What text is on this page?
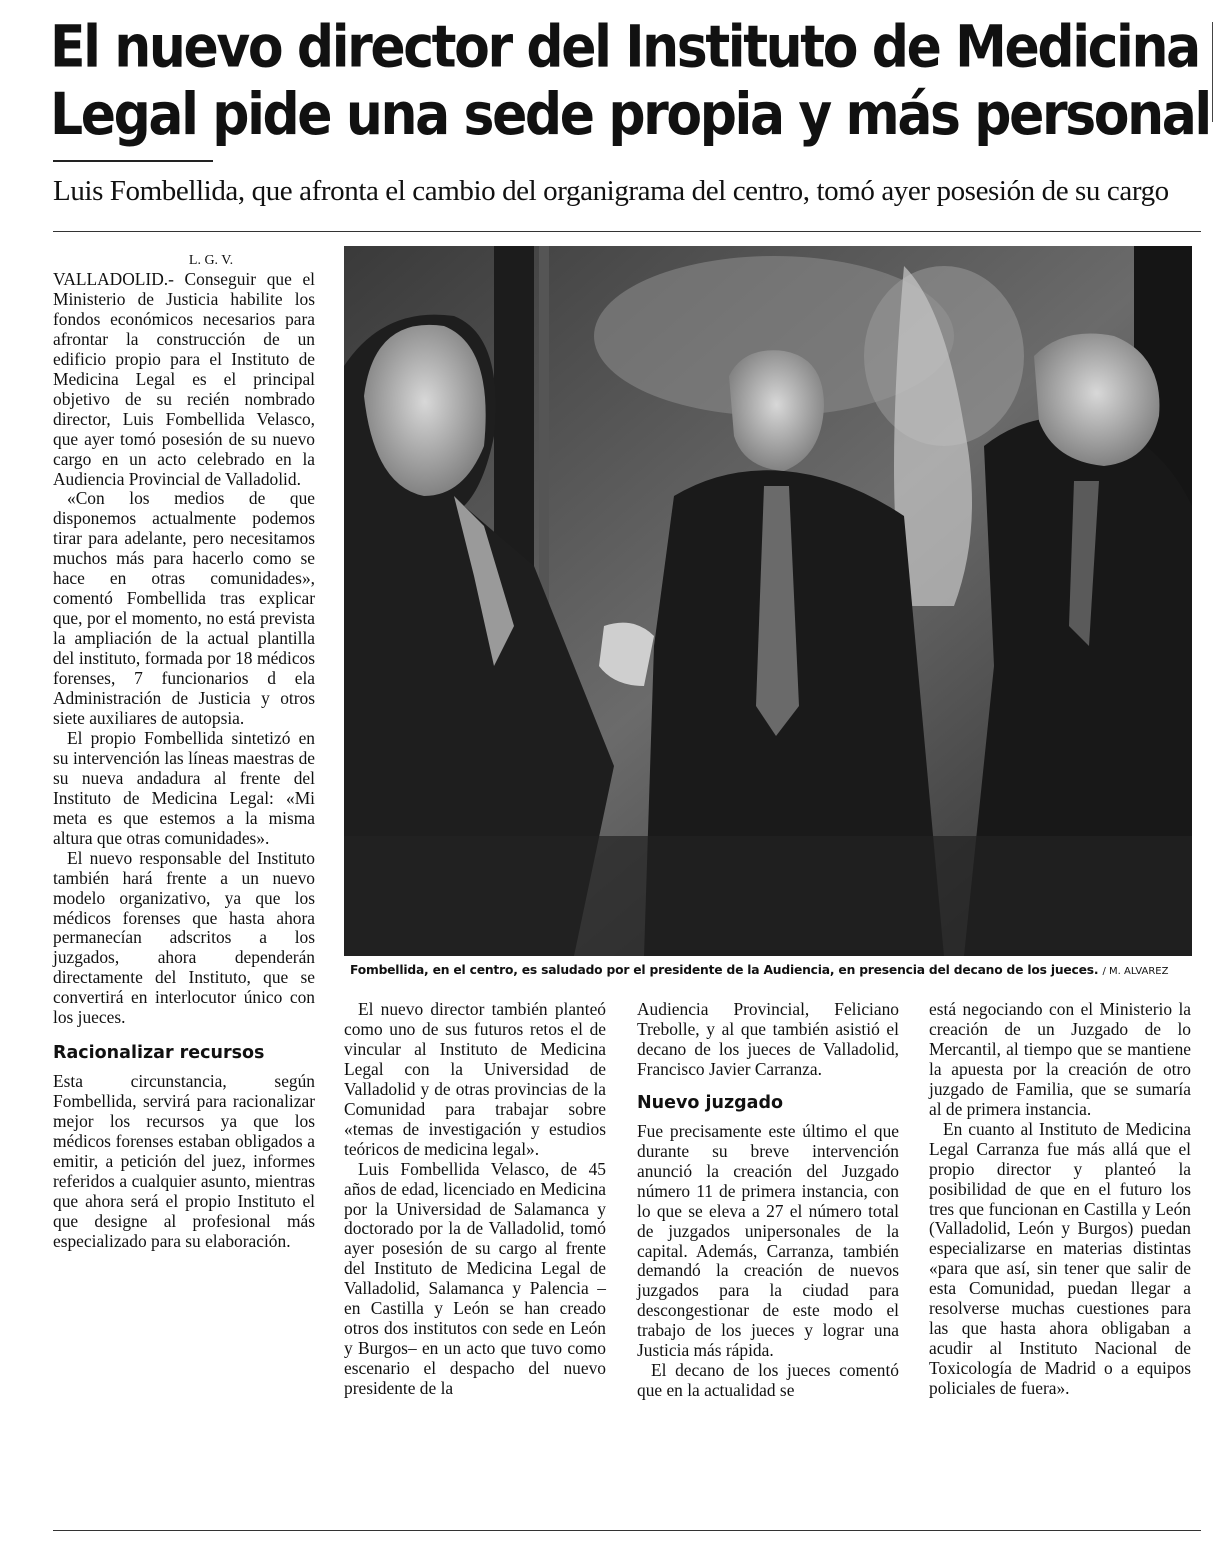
El nuevo director del Instituto de Medicina
Legal pide una sede propia y más personal
Luis Fombellida, que afronta el cambio del organigrama del centro, tomó ayer posesión de su cargo
Fombellida, en el centro, es saludado por el presidente de la Audiencia, en presencia del decano de los jueces. / M. ALVAREZ

L. G. V.

VALLADOLID.- Conseguir que el Ministerio de Justicia habilite los fondos económicos necesarios para afrontar la construcción de un edificio propio para el Instituto de Medicina Legal es el principal objetivo de su recién nombrado director, Luis Fombellida Velasco, que ayer tomó posesión de su nuevo cargo en un acto celebrado en la Audiencia Provincial de Valladolid.

«Con los medios de que disponemos actualmente podemos tirar para adelante, pero necesitamos muchos más para hacerlo como se hace en otras comunidades», comentó Fombellida tras explicar que, por el momento, no está prevista la ampliación de la actual plantilla del instituto, formada por 18 médicos forenses, 7 funcionarios d ela Administración de Justicia y otros siete auxiliares de autopsia.

El propio Fombellida sintetizó en su intervención las líneas maestras de su nueva andadura al frente del Instituto de Medicina Legal: «Mi meta es que estemos a la misma altura que otras comunidades».

El nuevo responsable del Instituto también hará frente a un nuevo modelo organizativo, ya que los médicos forenses que hasta ahora permanecían adscritos a los juzgados, ahora dependerán directamente del Instituto, que se convertirá en interlocutor único con los jueces.

Racionalizar recursos

Esta circunstancia, según Fombellida, servirá para racionalizar mejor los recursos ya que los médicos forenses estaban obligados a emitir, a petición del juez, informes referidos a cualquier asunto, mientras que ahora será el propio Instituto el que designe al profesional más especializado para su elaboración.

El nuevo director también planteó como uno de sus futuros retos el de vincular al Instituto de Medicina Legal con la Universidad de Valladolid y de otras provincias de la Comunidad para trabajar sobre «temas de investigación y estudios teóricos de medicina legal».

Luis Fombellida Velasco, de 45 años de edad, licenciado en Medicina por la Universidad de Salamanca y doctorado por la de Valladolid, tomó ayer posesión de su cargo al frente del Instituto de Medicina Legal de Valladolid, Salamanca y Palencia – en Castilla y León se han creado otros dos institutos con sede en León y Burgos– en un acto que tuvo como escenario el despacho del nuevo presidente de la

Audiencia Provincial, Feliciano Trebolle, y al que también asistió el decano de los jueces de Valladolid, Francisco Javier Carranza.

Nuevo juzgado

Fue precisamente este último el que durante su breve intervención anunció la creación del Juzgado número 11 de primera instancia, con lo que se eleva a 27 el número total de juzgados unipersonales de la capital. Además, Carranza, también demandó la creación de nuevos juzgados para la ciudad para descongestionar de este modo el trabajo de los jueces y lograr una Justicia más rápida.

El decano de los jueces comentó que en la actualidad se

está negociando con el Ministerio la creación de un Juzgado de lo Mercantil, al tiempo que se mantiene la apuesta por la creación de otro juzgado de Familia, que se sumaría al de primera instancia.

En cuanto al Instituto de Medicina Legal Carranza fue más allá que el propio director y planteó la posibilidad de que en el futuro los tres que funcionan en Castilla y León (Valladolid, León y Burgos) puedan especializarse en materias distintas «para que así, sin tener que salir de esta Comunidad, puedan llegar a resolverse muchas cuestiones para las que hasta ahora obligaban a acudir al Instituto Nacional de Toxicología de Madrid o a equipos policiales de fuera».
